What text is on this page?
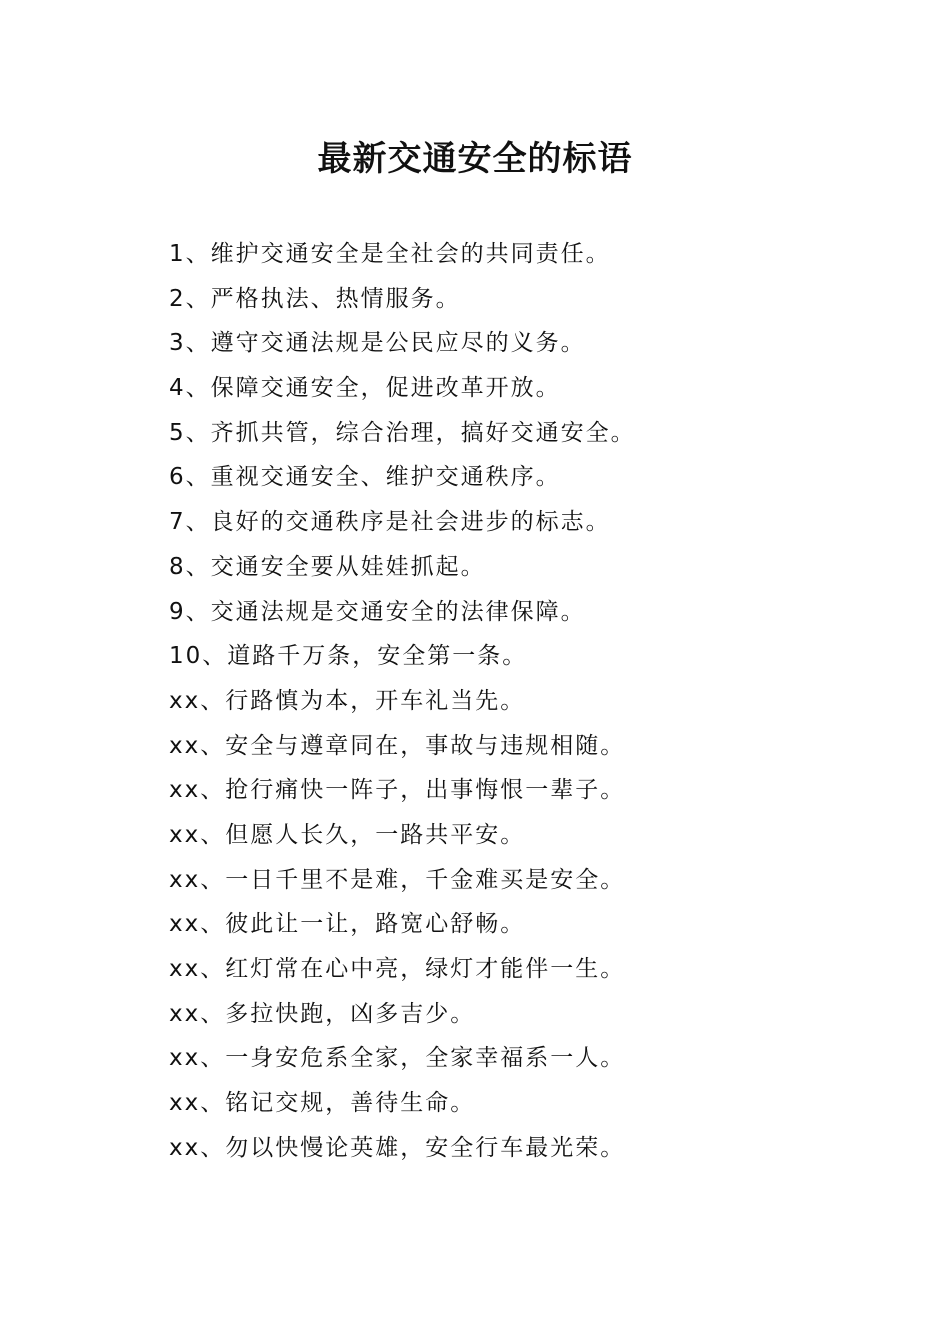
最新交通安全的标语
1、维护交通安全是全社会的共同责任。
2、严格执法、热情服务。
3、遵守交通法规是公民应尽的义务。
4、保障交通安全，促进改革开放。
5、齐抓共管，综合治理，搞好交通安全。
6、重视交通安全、维护交通秩序。
7、良好的交通秩序是社会进步的标志。
8、交通安全要从娃娃抓起。
9、交通法规是交通安全的法律保障。
10、道路千万条，安全第一条。
xx、行路慎为本，开车礼当先。
xx、安全与遵章同在，事故与违规相随。
xx、抢行痛快一阵子，出事悔恨一辈子。
xx、但愿人长久，一路共平安。
xx、一日千里不是难，千金难买是安全。
xx、彼此让一让，路宽心舒畅。
xx、红灯常在心中亮，绿灯才能伴一生。
xx、多拉快跑，凶多吉少。
xx、一身安危系全家，全家幸福系一人。
xx、铭记交规，善待生命。
xx、勿以快慢论英雄，安全行车最光荣。
